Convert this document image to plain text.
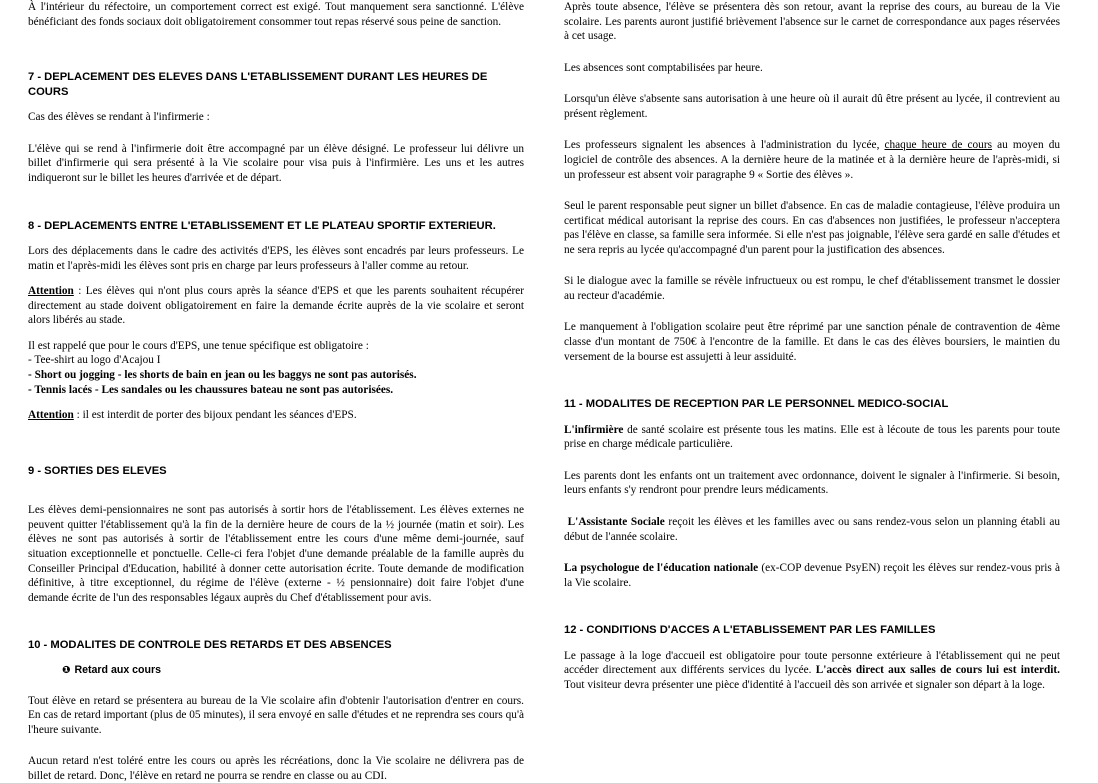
À l'intérieur du réfectoire, un comportement correct est exigé. Tout manquement sera sanctionné. L'élève bénéficiant des fonds sociaux doit obligatoirement consommer tout repas réservé sous peine de sanction.

7 - DEPLACEMENT DES ELEVES DANS L'ETABLISSEMENT DURANT LES HEURES DE COURS

Cas des élèves se rendant à l'infirmerie :

L'élève qui se rend à l'infirmerie doit être accompagné par un élève désigné. Le professeur lui délivre un billet d'infirmerie qui sera présenté à la Vie scolaire pour visa puis à l'infirmière. Les uns et les autres indiqueront sur le billet les heures d'arrivée et de départ.

8 - DEPLACEMENTS ENTRE L'ETABLISSEMENT ET LE PLATEAU SPORTIF EXTERIEUR.

Lors des déplacements dans le cadre des activités d'EPS, les élèves sont encadrés par leurs professeurs. Le matin et l'après-midi les élèves sont pris en charge par leurs professeurs à l'aller comme au retour.

Attention : Les élèves qui n'ont plus cours après la séance d'EPS et que les parents souhaitent récupérer directement au stade doivent obligatoirement en faire la demande écrite auprès de la vie scolaire et seront alors libérés au stade.

Il est rappelé que pour le cours d'EPS, une tenue spécifique est obligatoire :

- Tee-shirt au logo d'Acajou I
- Short ou jogging - les shorts de bain en jean ou les baggys ne sont pas autorisés.
- Tennis lacés - Les sandales ou les chaussures bateau ne sont pas autorisées.

Attention : il est interdit de porter des bijoux pendant les séances d'EPS.

9 - SORTIES DES ELEVES

Les élèves demi-pensionnaires ne sont pas autorisés à sortir hors de l'établissement. Les élèves externes ne peuvent quitter l'établissement qu'à la fin de la dernière heure de cours de la ½ journée (matin et soir). Les élèves ne sont pas autorisés à sortir de l'établissement entre les cours d'une même demi-journée, sauf situation exceptionnelle et ponctuelle. Celle-ci fera l'objet d'une demande préalable de la famille auprès du Conseiller Principal d'Education, habilité à donner cette autorisation écrite. Toute demande de modification définitive, à titre exceptionnel, du régime de l'élève (externe - ½ pensionnaire) doit faire l'objet d'une demande écrite de l'un des responsables légaux auprès du Chef d'établissement pour avis.

10 - MODALITES DE CONTROLE DES RETARDS ET DES ABSENCES
❶ Retard aux cours

Tout élève en retard se présentera au bureau de la Vie scolaire afin d'obtenir l'autorisation d'entrer en cours. En cas de retard important (plus de 05 minutes), il sera envoyé en salle d'études et ne reprendra ses cours qu'à l'heure suivante.

Aucun retard n'est toléré entre les cours ou après les récréations, donc la Vie scolaire ne délivrera pas de billet de retard. Donc, l'élève en retard ne pourra se rendre en classe ou au CDI.

Après toute absence, l'élève se présentera dès son retour, avant la reprise des cours, au bureau de la Vie scolaire. Les parents auront justifié brièvement l'absence sur le carnet de correspondance aux pages réservées à cet usage.

Les absences sont comptabilisées par heure.

Lorsqu'un élève s'absente sans autorisation à une heure où il aurait dû être présent au lycée, il contrevient au présent règlement.

Les professeurs signalent les absences à l'administration du lycée, chaque heure de cours au moyen du logiciel de contrôle des absences. A la dernière heure de la matinée et à la dernière heure de l'après-midi, si un professeur est absent voir paragraphe 9 « Sortie des élèves ».

Seul le parent responsable peut signer un billet d'absence. En cas de maladie contagieuse, l'élève produira un certificat médical autorisant la reprise des cours. En cas d'absences non justifiées, le professeur n'acceptera pas l'élève en classe, sa famille sera informée. Si elle n'est pas joignable, l'élève sera gardé en salle d'études et ne sera repris au lycée qu'accompagné d'un parent pour la justification des absences.

Si le dialogue avec la famille se révèle infructueux ou est rompu, le chef d'établissement transmet le dossier au recteur d'académie.

Le manquement à l'obligation scolaire peut être réprimé par une sanction pénale de contravention de 4ème classe d'un montant de 750€ à l'encontre de la famille. Et dans le cas des élèves boursiers, le maintien du versement de la bourse est assujetti à leur assiduité.

11 - MODALITES DE RECEPTION PAR LE PERSONNEL MEDICO-SOCIAL

L'infirmière de santé scolaire est présente tous les matins. Elle est à lécoute de tous les parents pour toute prise en charge médicale particulière.

Les parents dont les enfants ont un traitement avec ordonnance, doivent le signaler à l'infirmerie. Si besoin, leurs enfants s'y rendront pour prendre leurs médicaments.

L'Assistante Sociale reçoit les élèves et les familles avec ou sans rendez-vous selon un planning établi au début de l'année scolaire.

La psychologue de l'éducation nationale (ex-COP devenue PsyEN) reçoit les élèves sur rendez-vous pris à la Vie scolaire.

12 - CONDITIONS D'ACCES A L'ETABLISSEMENT PAR LES FAMILLES

Le passage à la loge d'accueil est obligatoire pour toute personne extérieure à l'établissement qui ne peut accéder directement aux différents services du lycée. L'accès direct aux salles de cours lui est interdit. Tout visiteur devra présenter une pièce d'identité à l'accueil dès son arrivée et signaler son départ à la loge.
